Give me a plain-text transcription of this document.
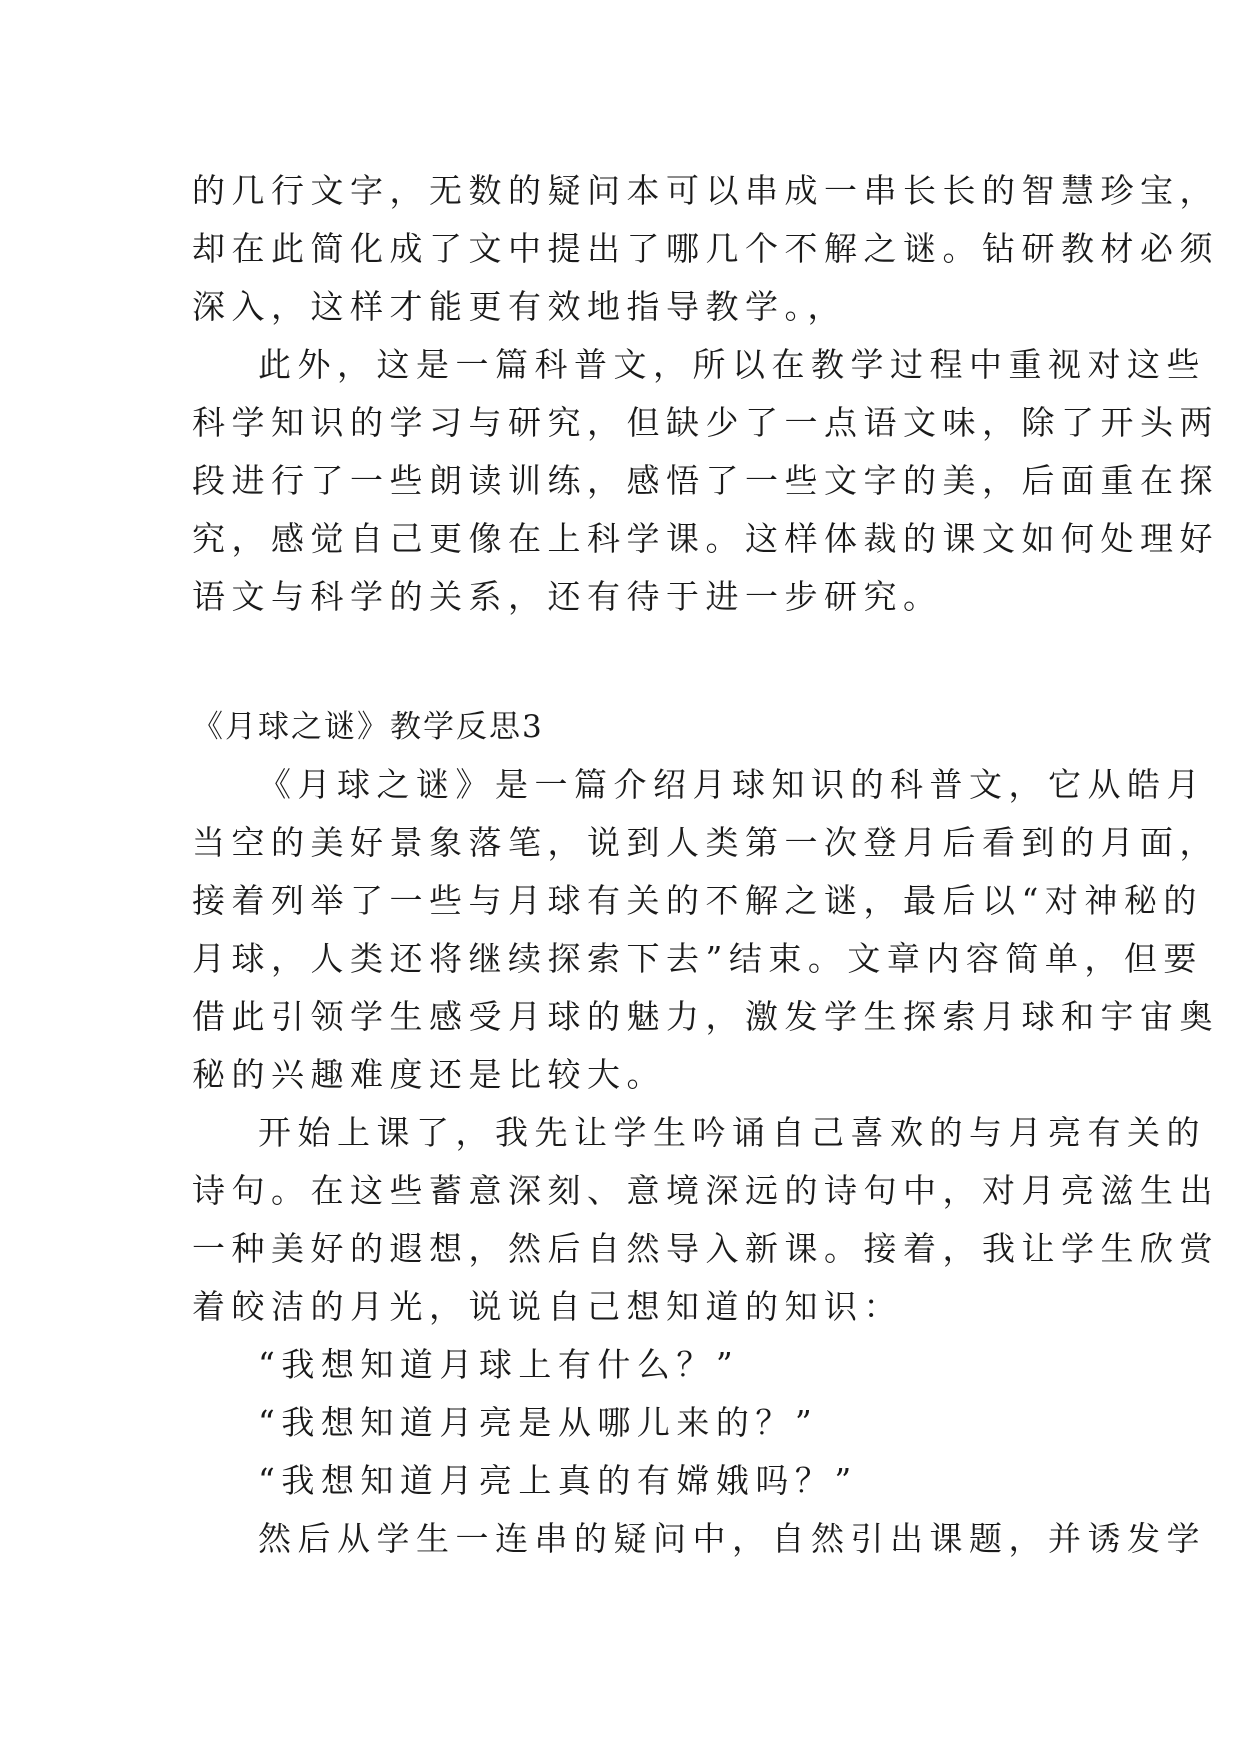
的几行文字，无数的疑问本可以串成一串长长的智慧珍宝，
却在此简化成了文中提出了哪几个不解之谜。钻研教材必须
深入，这样才能更有效地指导教学。，
此外，这是一篇科普文，所以在教学过程中重视对这些
科学知识的学习与研究，但缺少了一点语文味，除了开头两
段进行了一些朗读训练，感悟了一些文字的美，后面重在探
究，感觉自己更像在上科学课。这样体裁的课文如何处理好
语文与科学的关系，还有待于进一步研究。
《月球之谜》教学反思3
《月球之谜》是一篇介绍月球知识的科普文，它从皓月
当空的美好景象落笔，说到人类第一次登月后看到的月面，
接着列举了一些与月球有关的不解之谜，最后以“对神秘的
月球，人类还将继续探索下去”结束。文章内容简单，但要
借此引领学生感受月球的魅力，激发学生探索月球和宇宙奥
秘的兴趣难度还是比较大。
开始上课了，我先让学生吟诵自己喜欢的与月亮有关的
诗句。在这些蓄意深刻、意境深远的诗句中，对月亮滋生出
一种美好的遐想，然后自然导入新课。接着，我让学生欣赏
着皎洁的月光，说说自己想知道的知识：
“我想知道月球上有什么？”
“我想知道月亮是从哪儿来的？”
“我想知道月亮上真的有嫦娥吗？”
然后从学生一连串的疑问中，自然引出课题，并诱发学
